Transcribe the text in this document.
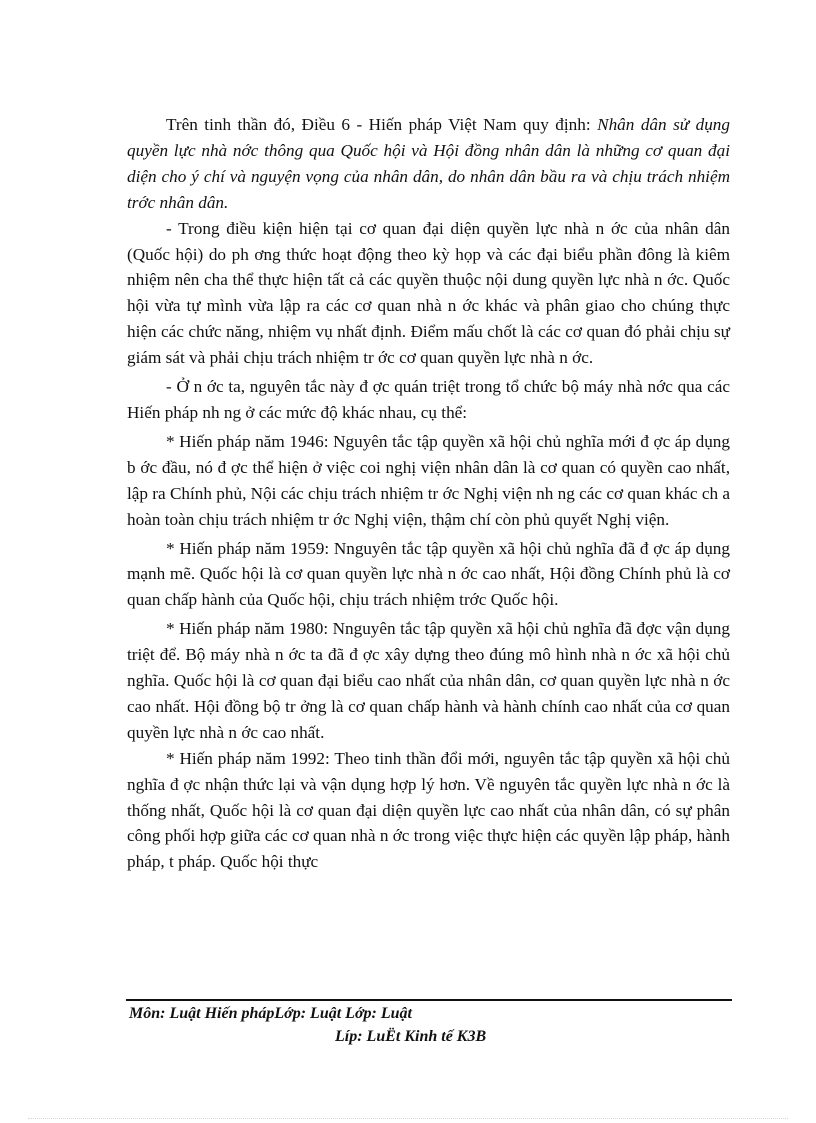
Trên tinh thần đó, Điều 6 - Hiến pháp Việt Nam quy định: Nhân dân sử dụng quyền lực nhà nớc thông qua Quốc hội và Hội đồng nhân dân là những cơ quan đại diện cho ý chí và nguyện vọng của nhân dân, do nhân dân bầu ra và chịu trách nhiệm trớc nhân dân.

- Trong điều kiện hiện tại cơ quan đại diện quyền lực nhà n ớc của nhân dân (Quốc hội) do ph ơng thức hoạt động theo kỳ họp và các đại biểu phần đông là kiêm nhiệm nên cha thể thực hiện tất cả các quyền thuộc nội dung quyền lực nhà n ớc. Quốc hội vừa tự mình vừa lập ra các cơ quan nhà n ớc khác và phân giao cho chúng thực hiện các chức năng, nhiệm vụ nhất định. Điểm mấu chốt là các cơ quan đó phải chịu sự giám sát và phải chịu trách nhiệm tr ớc cơ quan quyền lực nhà n ớc.

- Ở n ớc ta, nguyên tắc này đ ợc quán triệt trong tổ chức bộ máy nhà nớc qua các Hiến pháp nh ng ở các mức độ khác nhau, cụ thể:

* Hiến pháp năm 1946: Nguyên tắc tập quyền xã hội chủ nghĩa mới đ ợc áp dụng b ớc đầu, nó đ ợc thể hiện ở việc coi nghị viện nhân dân là cơ quan có quyền cao nhất, lập ra Chính phủ, Nội các chịu trách nhiệm tr ớc Nghị viện nh ng các cơ quan khác ch a hoàn toàn chịu trách nhiệm tr ớc Nghị viện, thậm chí còn phủ quyết Nghị viện.

* Hiến pháp năm 1959: Nnguyên tắc tập quyền xã hội chủ nghĩa đã đ ợc áp dụng mạnh mẽ. Quốc hội là cơ quan quyền lực nhà n ớc cao nhất, Hội đồng Chính phủ là cơ quan chấp hành của Quốc hội, chịu trách nhiệm trớc Quốc hội.

* Hiến pháp năm 1980: Nnguyên tắc tập quyền xã hội chủ nghĩa đã đợc vận dụng triệt để. Bộ máy nhà n ớc ta đã đ ợc xây dựng theo đúng mô hình nhà n ớc xã hội chủ nghĩa. Quốc hội là cơ quan đại biểu cao nhất của nhân dân, cơ quan quyền lực nhà n ớc cao nhất. Hội đồng bộ tr ởng là cơ quan chấp hành và hành chính cao nhất của cơ quan quyền lực nhà n ớc cao nhất.

* Hiến pháp năm 1992: Theo tinh thần đổi mới, nguyên tắc tập quyền xã hội chủ nghĩa đ ợc nhận thức lại và vận dụng hợp lý hơn. Về nguyên tắc quyền lực nhà n ớc là thống nhất, Quốc hội là cơ quan đại diện quyền lực cao nhất của nhân dân, có sự phân công phối hợp giữa các cơ quan nhà n ớc trong việc thực hiện các quyền lập pháp, hành pháp, t pháp. Quốc hội thực

Môn: Luật Hiến phápLớp: Luật Lớp: Luật
Líp: LuËt Kinh tế K3B
